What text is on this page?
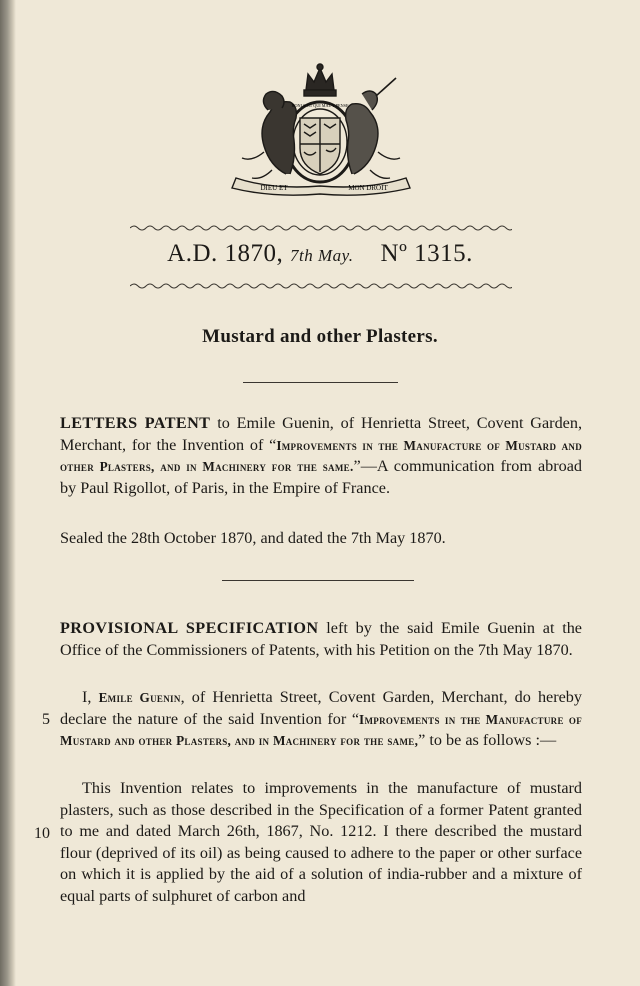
DIEU ET	MON DROIT
HONI SOIT QUI MAL Y PENSE
A.D. 1870, 7th May. Nº 1315.
Mustard and other Plasters.
LETTERS PATENT to Emile Guenin, of Henrietta Street, Covent Garden, Merchant, for the Invention of “Improvements in the Manufacture of Mustard and other Plasters, and in Machinery for the same.”—A communication from abroad by Paul Rigollot, of Paris, in the Empire of France.
Sealed the 28th October 1870, and dated the 7th May 1870.
PROVISIONAL SPECIFICATION left by the said Emile Guenin at the Office of the Commissioners of Patents, with his Petition on the 7th May 1870.
I, Emile Guenin, of Henrietta Street, Covent Garden, Merchant, do hereby declare the nature of the said Invention for “Improvements in the Manufacture of Mustard and other Plasters, and in Machinery for the same,” to be as follows :—
This Invention relates to improvements in the manufacture of mustard plasters, such as those described in the Specification of a former Patent granted to me and dated March 26th, 1867, No. 1212. I there described the mustard flour (deprived of its oil) as being caused to adhere to the paper or other surface on which it is applied by the aid of a solution of india-rubber and a mixture of equal parts of sulphuret of carbon and
5
10
